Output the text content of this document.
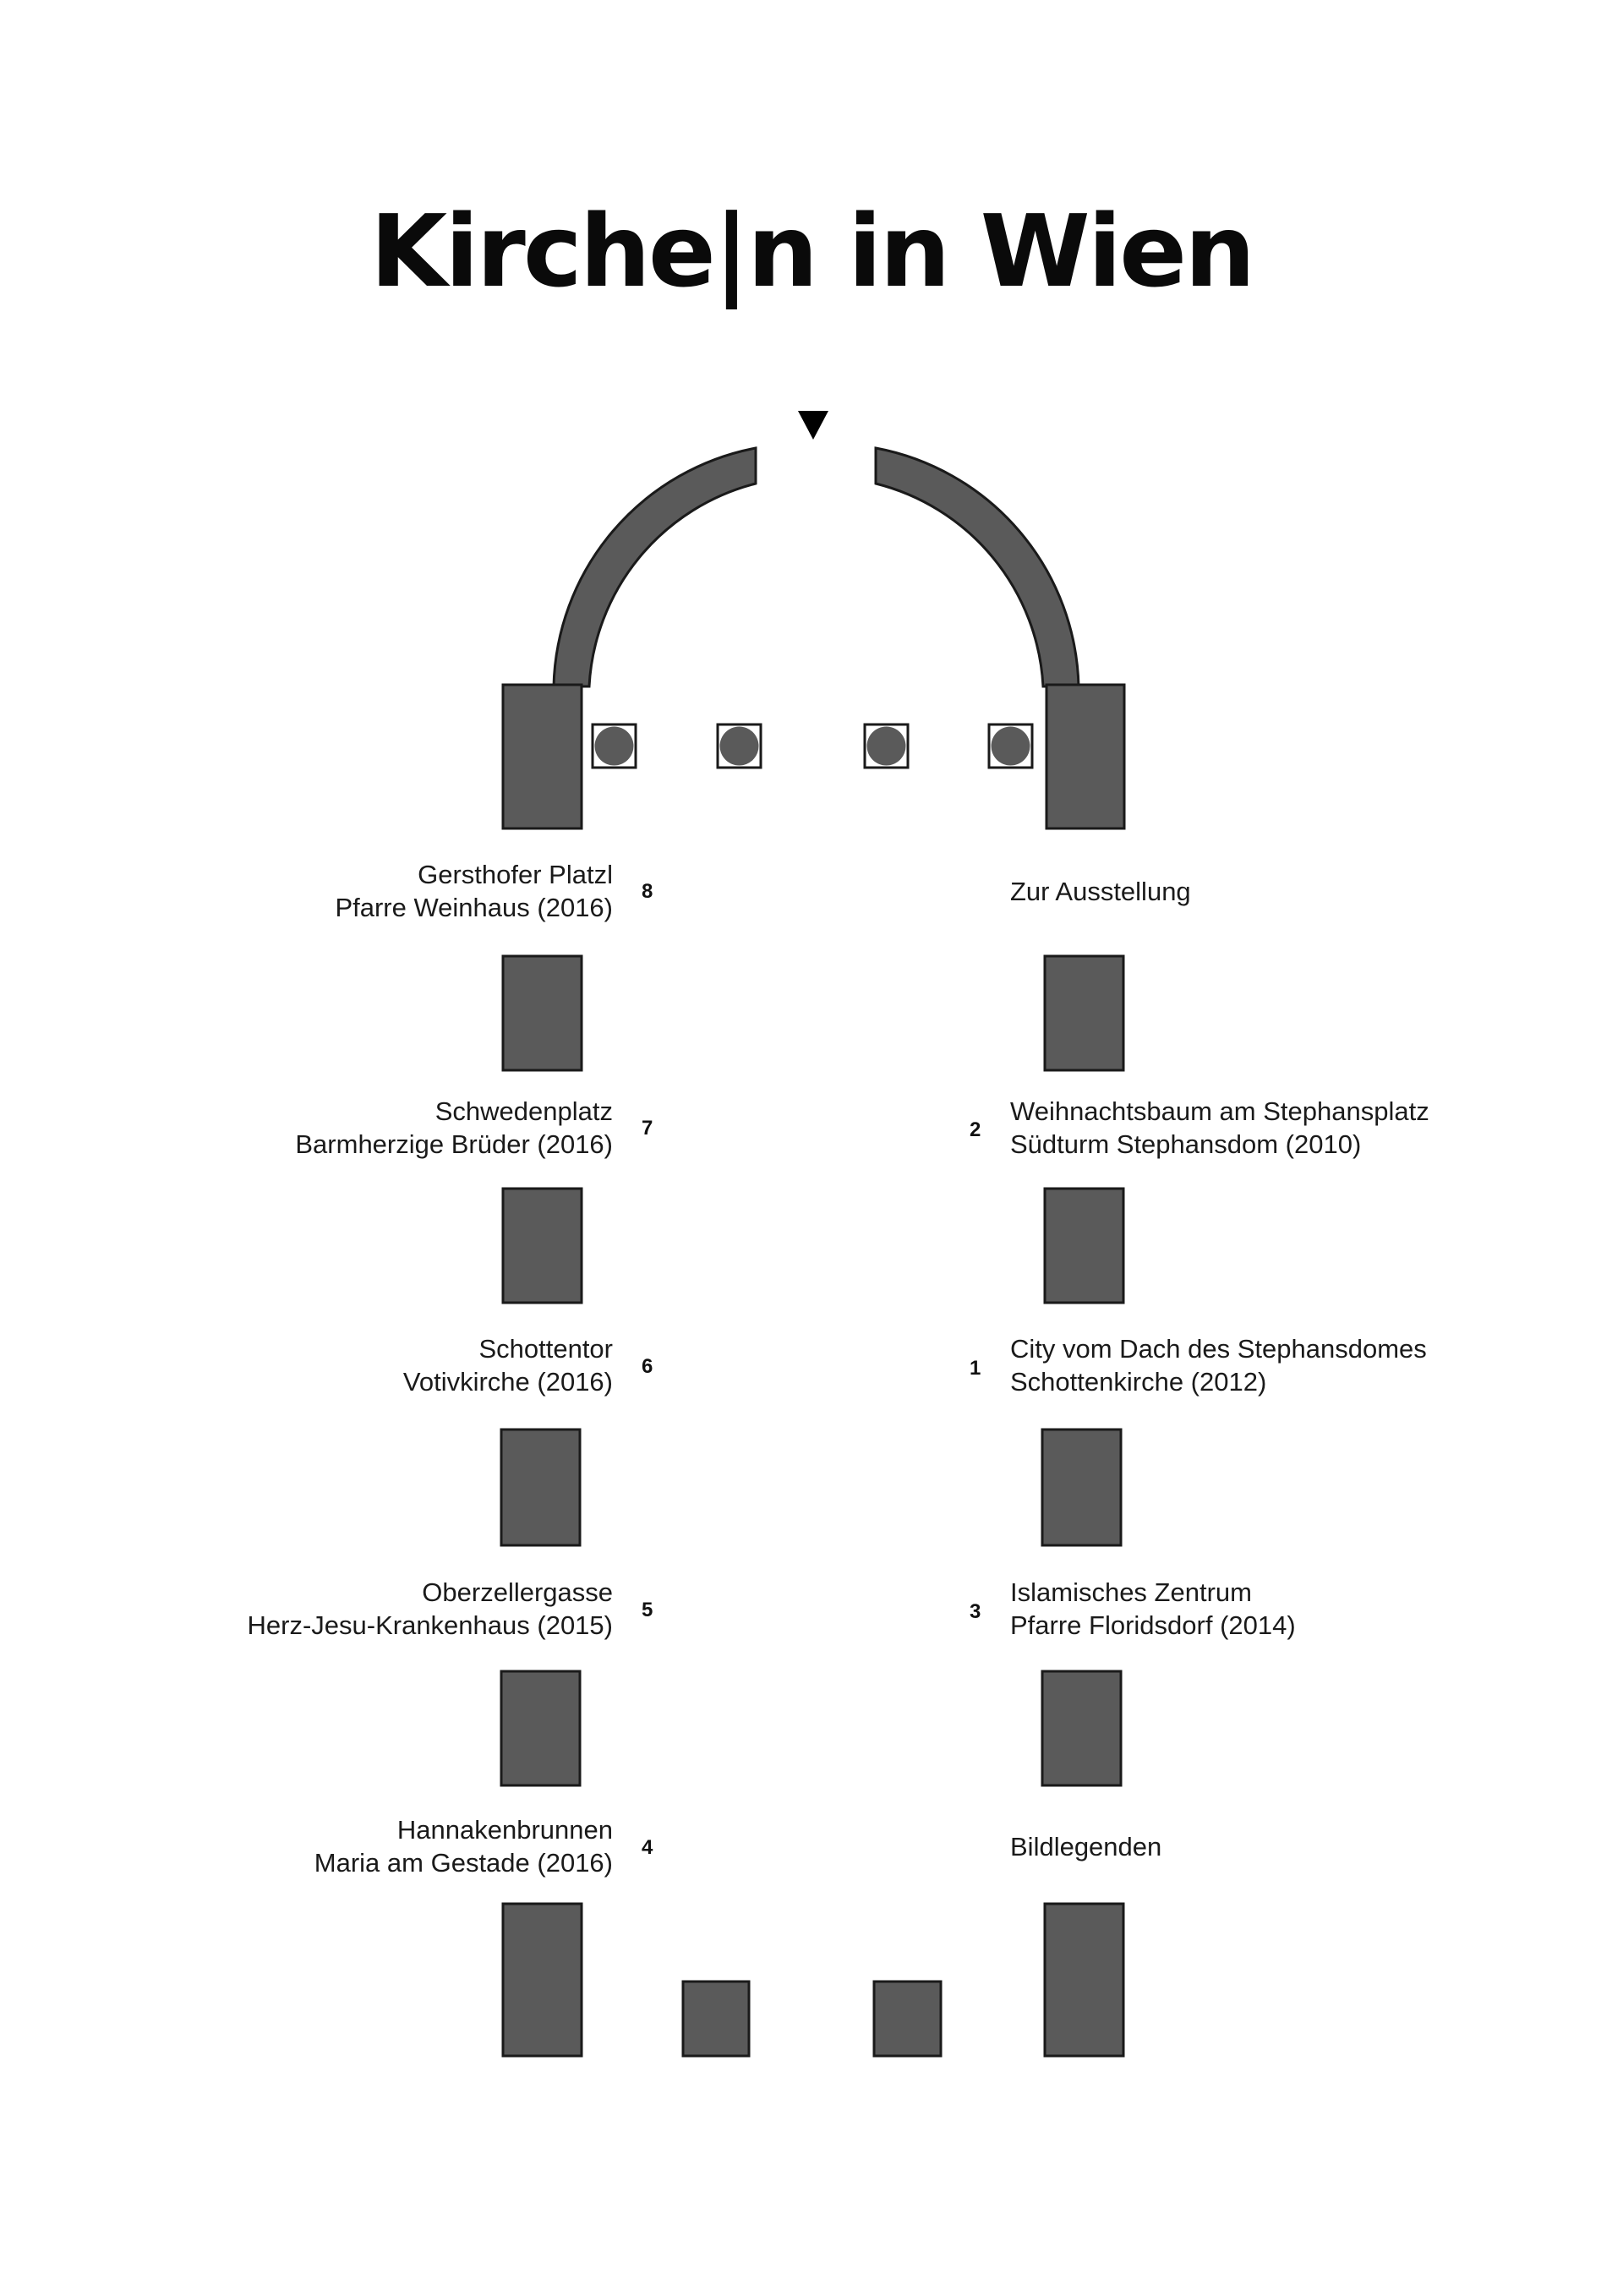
Kirche|n in Wien
Gersthofer Platzl
Pfarre Weinhaus (2016)
8
Schwedenplatz
Barmherzige Brüder (2016)
7
Schottentor
Votivkirche (2016)
6
Oberzellergasse
Herz-Jesu-Krankenhaus (2015)
5
Hannakenbrunnen
Maria am Gestade (2016)
4
Zur Ausstellung
2
Weihnachtsbaum am Stephansplatz
Südturm Stephansdom (2010)
1
City vom Dach des Stephansdomes
Schottenkirche (2012)
3
Islamisches Zentrum
Pfarre Floridsdorf (2014)
Bildlegenden
